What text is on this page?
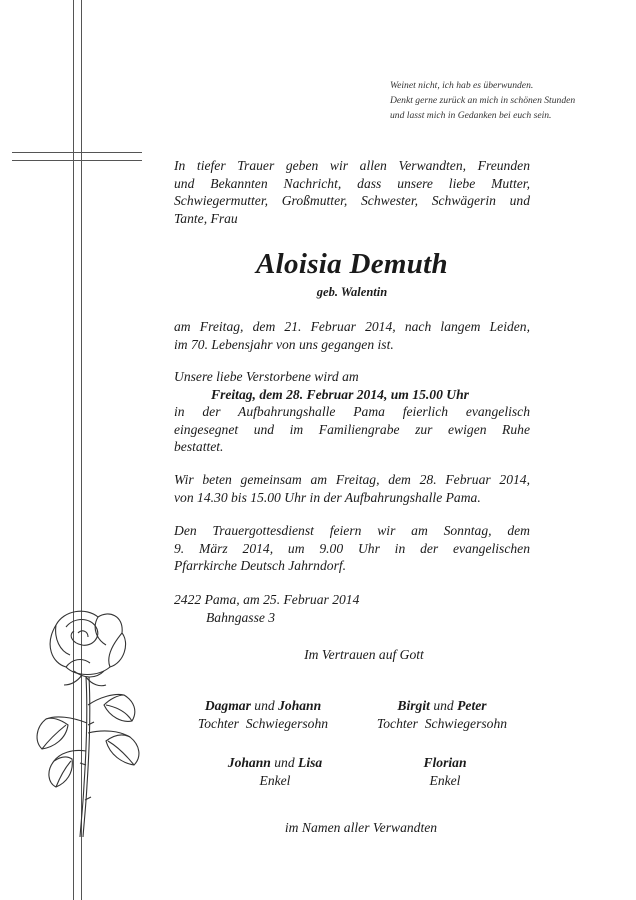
Weinet nicht, ich hab es überwunden.
Denkt gerne zurück an mich in schönen Stunden
und lasst mich in Gedanken bei euch sein.
In tiefer Trauer geben wir allen Verwandten, Freunden
und Bekannten Nachricht, dass unsere liebe Mutter,
Schwiegermutter, Großmutter, Schwester, Schwägerin und
Tante, Frau
Aloisia Demuth
geb. Walentin
am Freitag, dem 21. Februar 2014, nach langem Leiden,
im 70. Lebensjahr von uns gegangen ist.
Unsere liebe Verstorbene wird am
Freitag, dem 28. Februar 2014, um 15.00 Uhr
in der Aufbahrungshalle Pama feierlich evangelisch
eingesegnet und im Familiengrabe zur ewigen Ruhe
bestattet.
Wir beten gemeinsam am Freitag, dem 28. Februar 2014,
von 14.30 bis 15.00 Uhr in der Aufbahrungshalle Pama.
Den Trauergottesdienst feiern wir am Sonntag, dem
9. März 2014, um 9.00 Uhr in der evangelischen
Pfarrkirche Deutsch Jahrndorf.
2422 Pama, am 25. Februar 2014
Bahngasse 3
Im Vertrauen auf Gott
Dagmar und Johann
Tochter  Schwiegersohn
Birgit und Peter
Tochter  Schwiegersohn
Johann und Lisa
Enkel
Florian
Enkel
im Namen aller Verwandten
